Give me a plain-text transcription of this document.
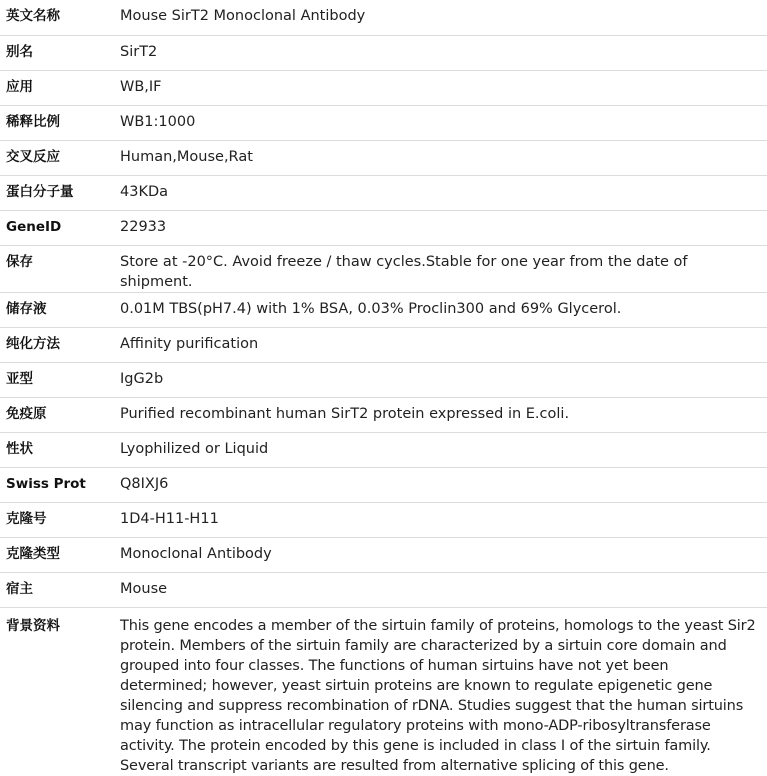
英文名称	Mouse SirT2 Monoclonal Antibody
别名	SirT2
应用	WB,IF
稀释比例	WB1:1000
交叉反应	Human,Mouse,Rat
蛋白分子量	43KDa
GeneID	22933
保存	Store at -20°C. Avoid freeze / thaw cycles.Stable for one year from the date of shipment.
储存液	0.01M TBS(pH7.4) with 1% BSA, 0.03% Proclin300 and 69% Glycerol.
纯化方法	Affinity purification
亚型	IgG2b
免疫原	Purified recombinant human SirT2 protein expressed in E.coli.
性状	Lyophilized or Liquid
Swiss Prot	Q8IXJ6
克隆号	1D4-H11-H11
克隆类型	Monoclonal Antibody
宿主	Mouse
背景资料	This gene encodes a member of the sirtuin family of proteins, homologs to the yeast Sir2 protein. Members of the sirtuin family are characterized by a sirtuin core domain and grouped into four classes. The functions of human sirtuins have not yet been determined; however, yeast sirtuin proteins are known to regulate epigenetic gene silencing and suppress recombination of rDNA. Studies suggest that the human sirtuins may function as intracellular regulatory proteins with mono-ADP-ribosyltransferase activity. The protein encoded by this gene is included in class I of the sirtuin family. Several transcript variants are resulted from alternative splicing of this gene.
